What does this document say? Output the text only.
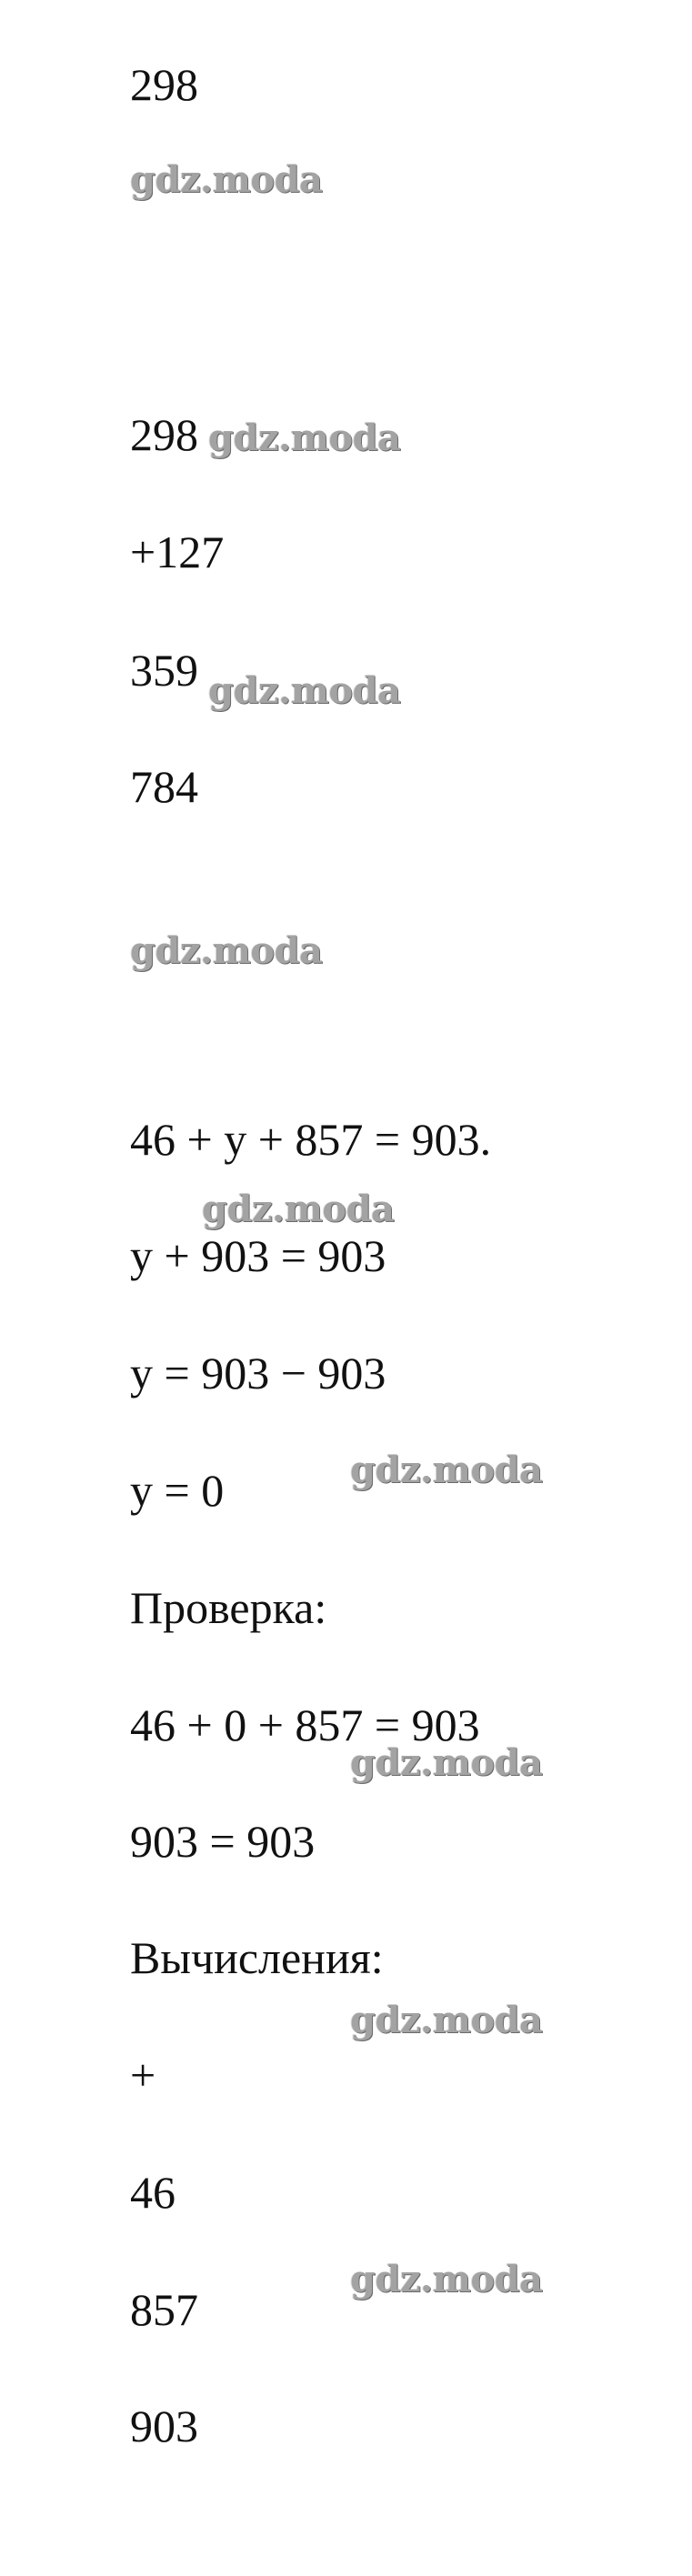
298
298
+127
359
784
46 + y + 857 = 903.
y + 903 = 903
y = 903 − 903
y = 0
Проверка:
46 + 0 + 857 = 903
903 = 903
Вычисления:
+
46
857
903
gdz.moda
gdz.moda
gdz.moda
gdz.moda
gdz.moda
gdz.moda
gdz.moda
gdz.moda
gdz.moda
